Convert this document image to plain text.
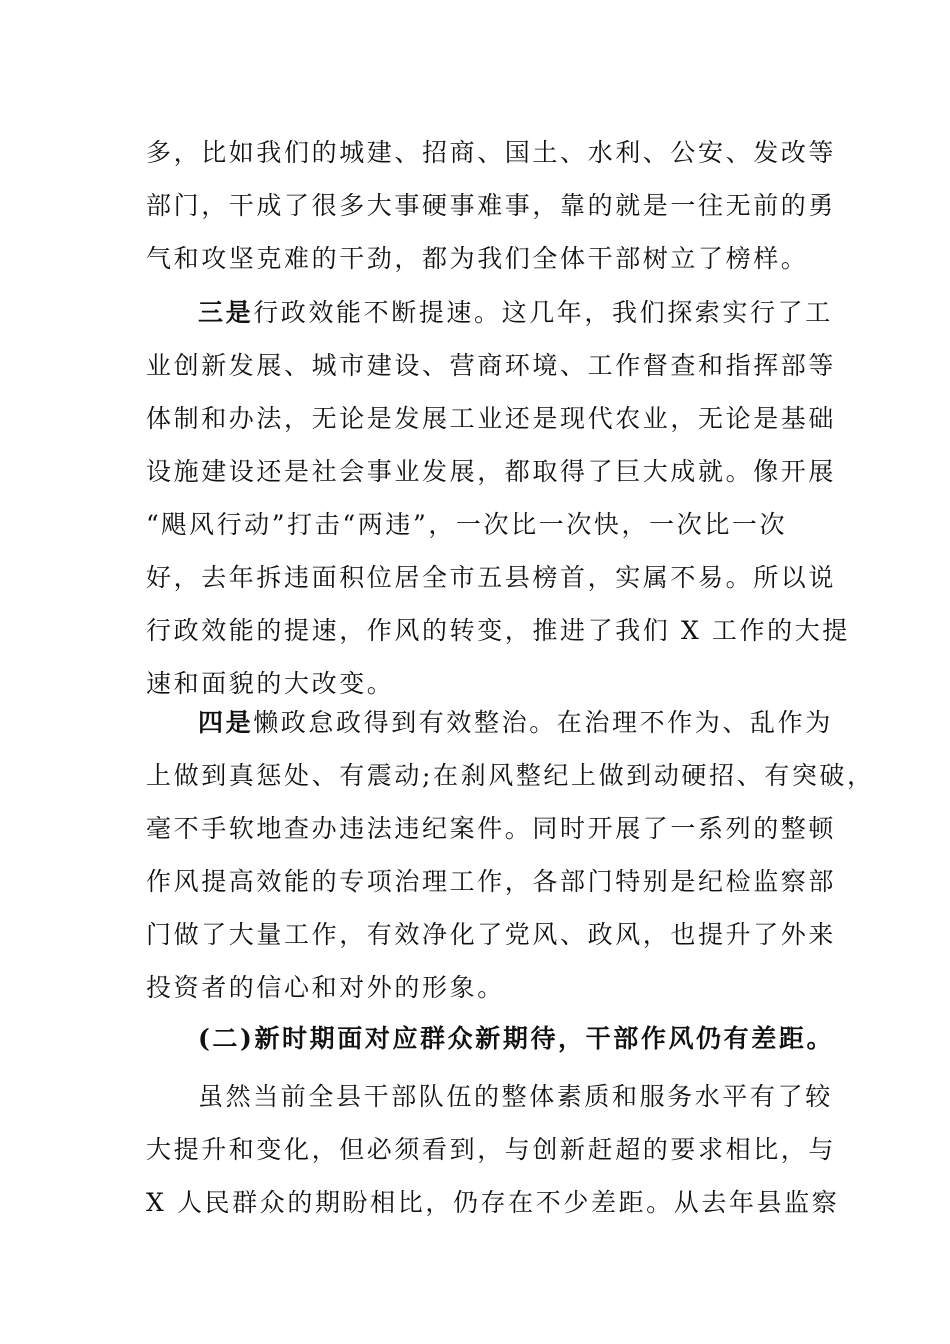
多，比如我们的城建、招商、国土、水利、公安、发改等
部门，干成了很多大事硬事难事，靠的就是一往无前的勇
气和攻坚克难的干劲，都为我们全体干部树立了榜样。
三是行政效能不断提速。这几年，我们探索实行了工
业创新发展、城市建设、营商环境、工作督查和指挥部等
体制和办法，无论是发展工业还是现代农业，无论是基础
设施建设还是社会事业发展，都取得了巨大成就。像开展
“飓风行动”打击“两违”，一次比一次快，一次比一次
好，去年拆违面积位居全市五县榜首，实属不易。所以说
行政效能的提速，作风的转变，推进了我们 X 工作的大提
速和面貌的大改变。
四是懒政怠政得到有效整治。在治理不作为、乱作为
上做到真惩处、有震动;在刹风整纪上做到动硬招、有突破，
毫不手软地查办违法违纪案件。同时开展了一系列的整顿
作风提高效能的专项治理工作，各部门特别是纪检监察部
门做了大量工作，有效净化了党风、政风，也提升了外来
投资者的信心和对外的形象。
(二)新时期面对应群众新期待，干部作风仍有差距。
虽然当前全县干部队伍的整体素质和服务水平有了较
大提升和变化，但必须看到，与创新赶超的要求相比，与
X 人民群众的期盼相比，仍存在不少差距。从去年县监察
